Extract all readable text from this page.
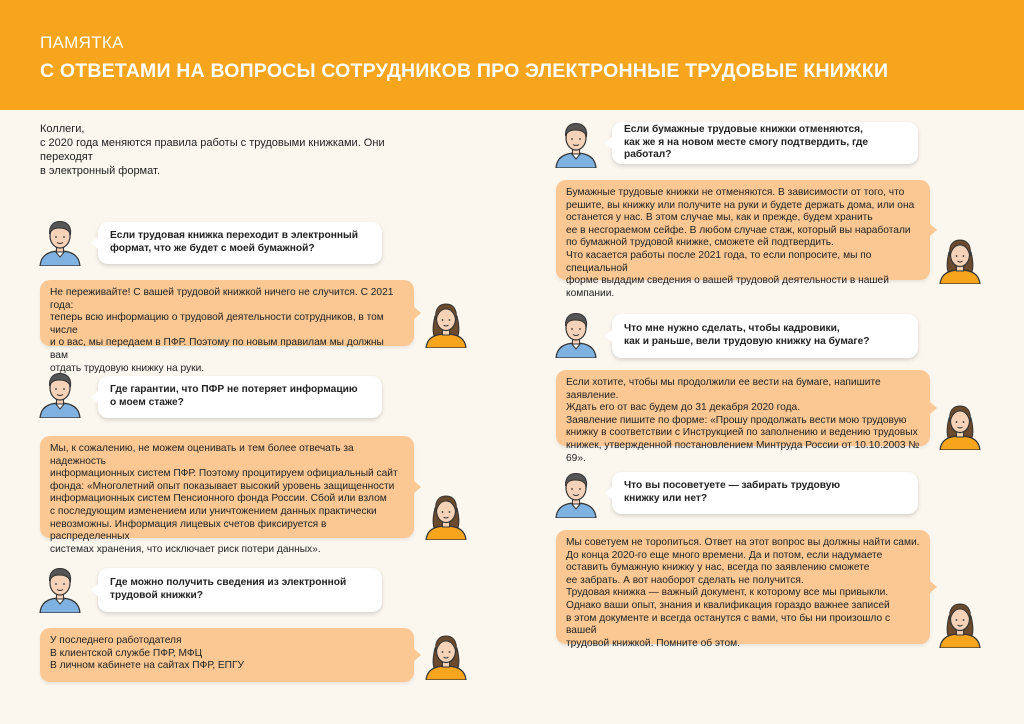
ПАМЯТКА
С ОТВЕТАМИ НА ВОПРОСЫ СОТРУДНИКОВ ПРО ЭЛЕКТРОННЫЕ ТРУДОВЫЕ КНИЖКИ

Коллеги,

с 2020 года меняются правила работы с трудовыми книжками. Они переходят
в электронный формат.

Если трудовая книжка переходит в электронный
формат, что же будет с моей бумажной?
Не переживайте! С вашей трудовой книжкой ничего не случится. С 2021 года:
теперь всю информацию о трудовой деятельности сотрудников, в том числе
и о вас, мы передаем в ПФР. Поэтому по новым правилам мы должны вам
отдать трудовую книжку на руки.
Где гарантии, что ПФР не потеряет информацию
о моем стаже?
Мы, к сожалению, не можем оценивать и тем более отвечать за надежность
информационных систем ПФР. Поэтому процитируем официальный сайт
фонда: «Многолетний опыт показывает высокий уровень защищенности
информационных систем Пенсионного фонда России. Сбой или взлом
с последующим изменением или уничтожением данных практически
невозможны. Информация лицевых счетов фиксируется в распределенных
системах хранения, что исключает риск потери данных».
Где можно получить сведения из электронной
трудовой книжки?
У последнего работодателя
В клиентской службе ПФР, МФЦ
В личном кабинете на сайтах ПФР, ЕПГУ
Если бумажные трудовые книжки отменяются,
как же я на новом месте смогу подтвердить, где работал?
Бумажные трудовые книжки не отменяются. В зависимости от того, что
решите, вы книжку или получите на руки и будете держать дома, или она
останется у нас. В этом случае мы, как и прежде, будем хранить
ее в несгораемом сейфе. В любом случае стаж, который вы наработали
по бумажной трудовой книжке, сможете ей подтвердить.
Что касается работы после 2021 года, то если попросите, мы по специальной
форме выдадим сведения о вашей трудовой деятельности в нашей компании.
Что мне нужно сделать, чтобы кадровики,
как и раньше, вели трудовую книжку на бумаге?
Если хотите, чтобы мы продолжили ее вести на бумаге, напишите заявление.
Ждать его от вас будем до 31 декабря 2020 года.
Заявление пишите по форме: «Прошу продолжать вести мою трудовую
книжку в соответствии с Инструкцией по заполнению и ведению трудовых
книжек, утвержденной постановлением Минтруда России от 10.10.2003 № 69».
Что вы посоветуете — забирать трудовую
книжку или нет?
Мы советуем не торопиться. Ответ на этот вопрос вы должны найти сами.
До конца 2020-го еще много времени. Да и потом, если надумаете
оставить бумажную книжку у нас, всегда по заявлению сможете
ее забрать. А вот наоборот сделать не получится.
Трудовая книжка — важный документ, к которому все мы привыкли.
Однако ваши опыт, знания и квалификация гораздо важнее записей
в этом документе и всегда останутся с вами, что бы ни произошло с вашей
трудовой книжкой. Помните об этом.
